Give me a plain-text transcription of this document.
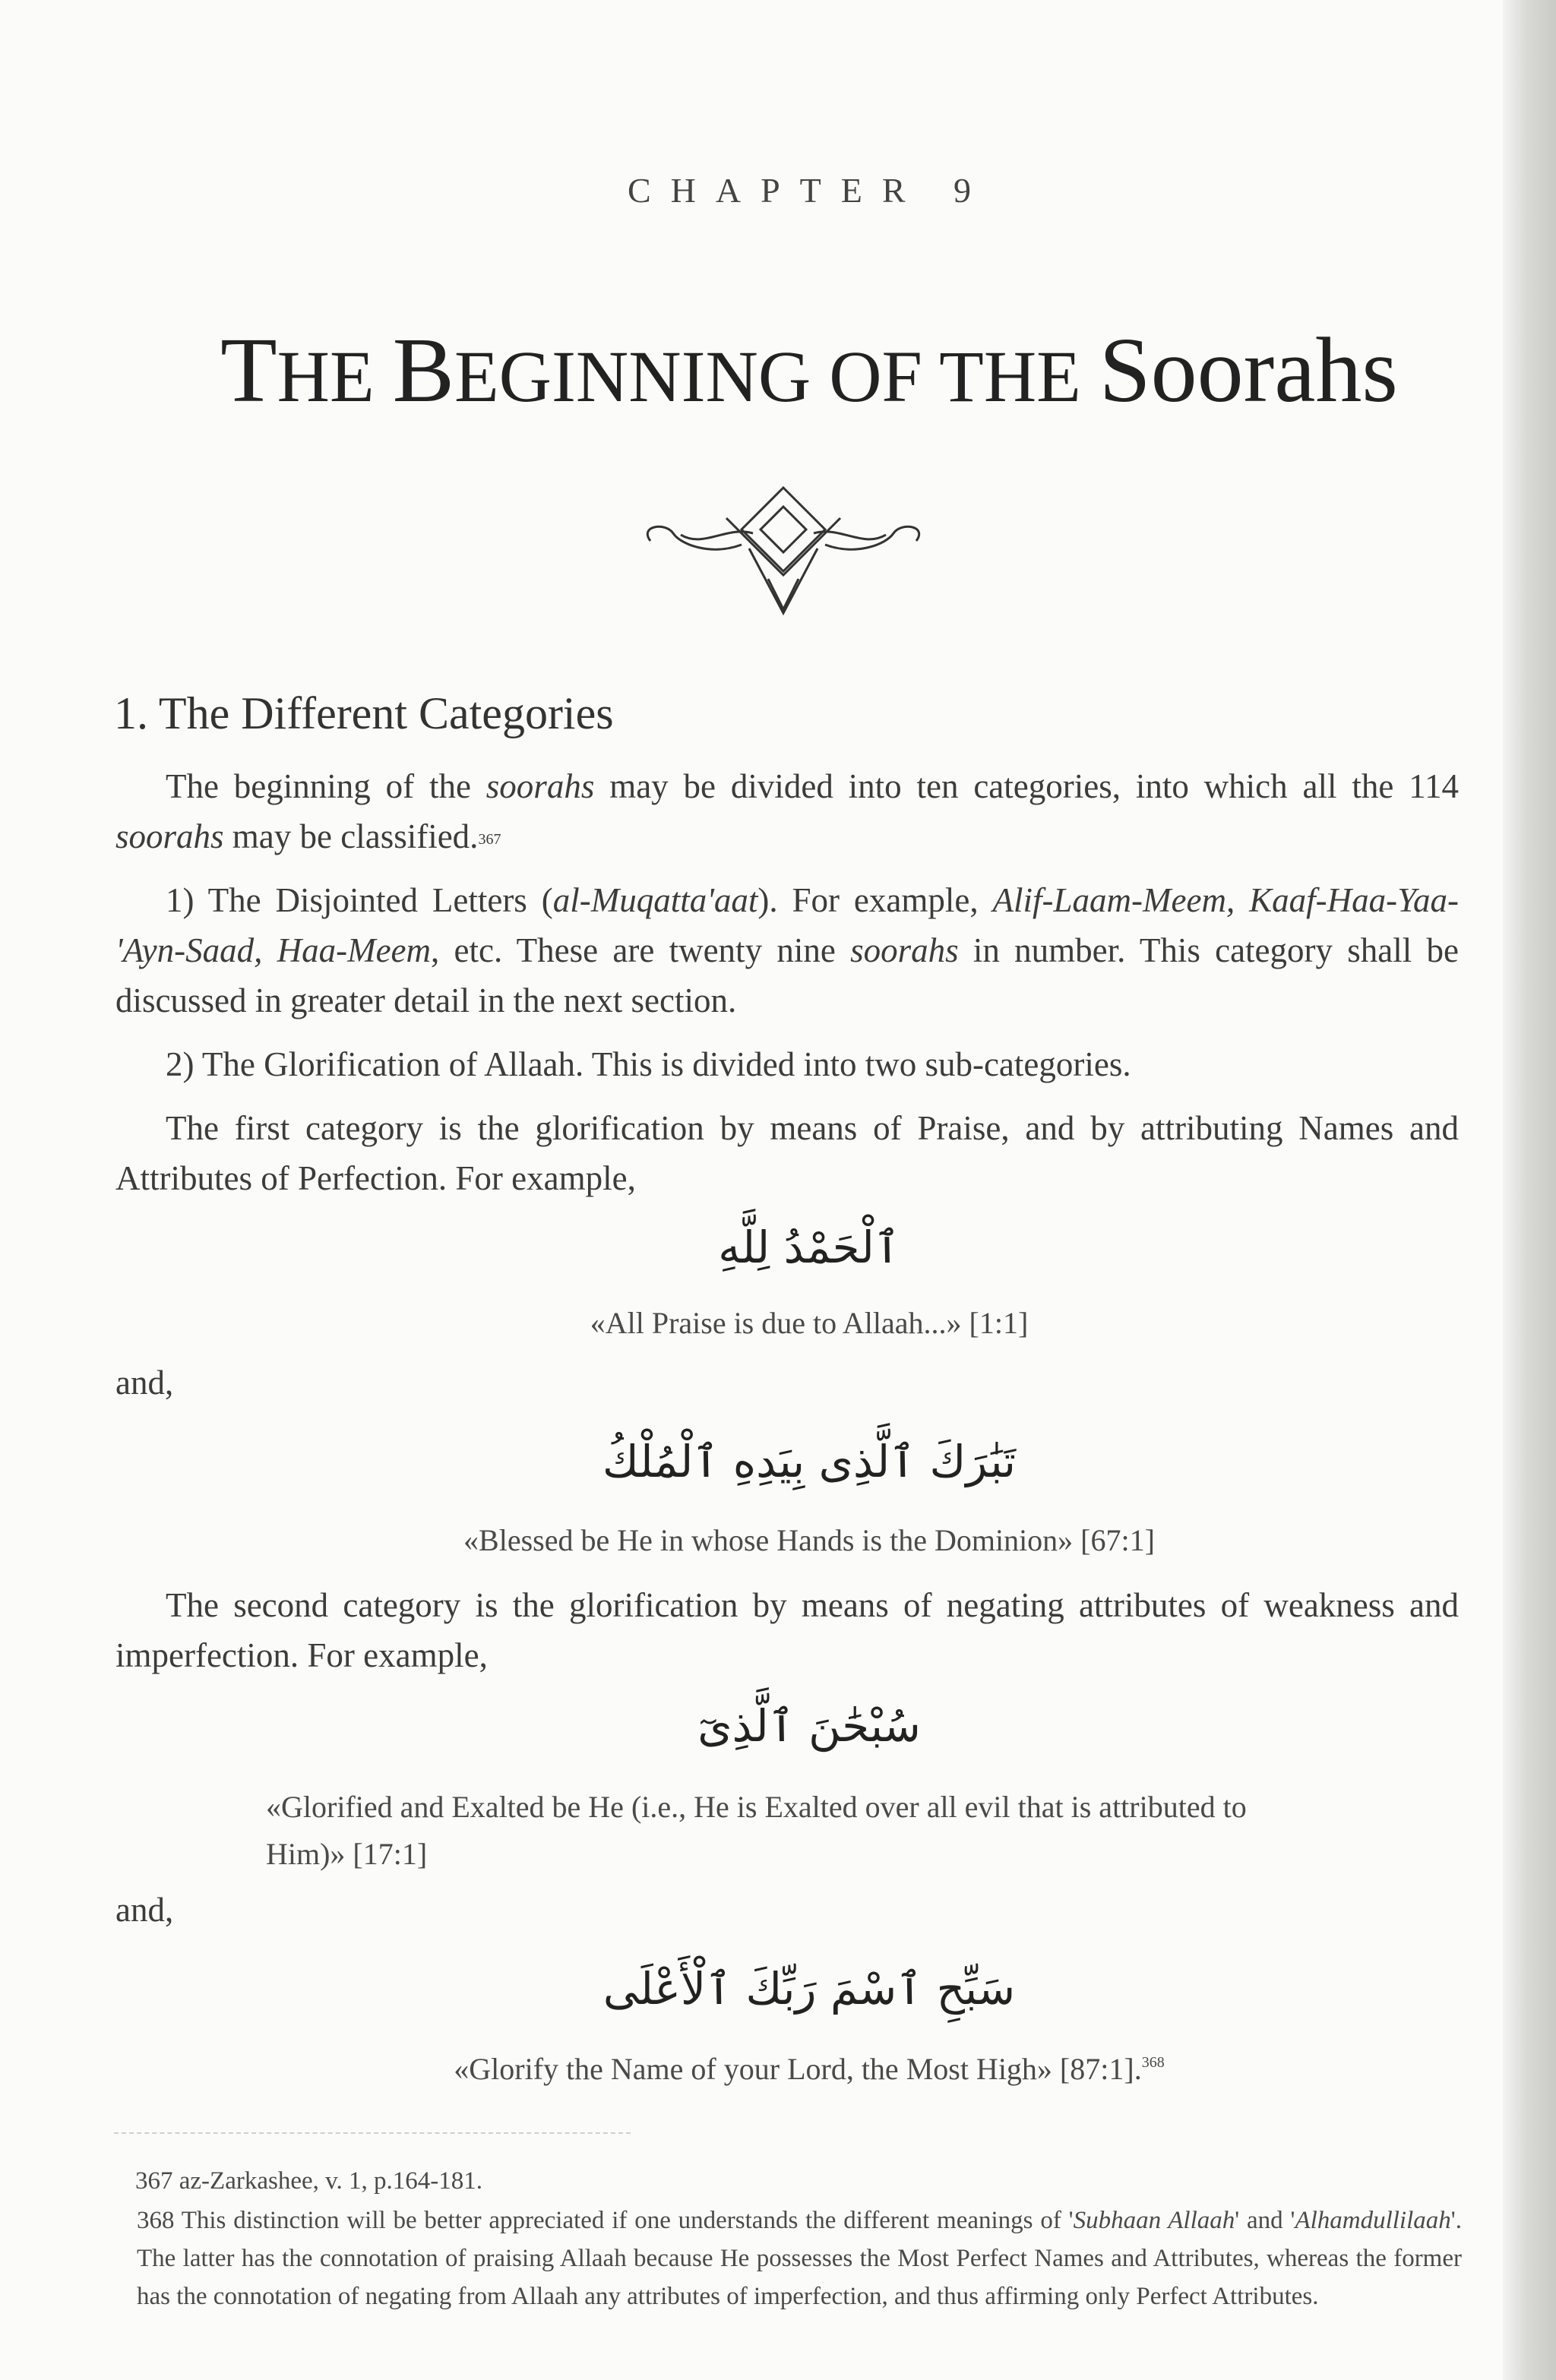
CHAPTER 9
THE BEGINNING OF THE Soorahs
1. The Different Categories

The beginning of the soorahs may be divided into ten categories, into which all the 114 soorahs may be classified.$^{367}$

1) The Disjointed Letters (al-Muqatta'aat). For example, Alif-Laam-Meem, Kaaf-Haa-Yaa-'Ayn-Saad, Haa-Meem, etc. These are twenty nine soorahs in number. This category shall be discussed in greater detail in the next section.

2) The Glorification of Allaah. This is divided into two sub-categories.

The first category is the glorification by means of Praise, and by attributing Names and Attributes of Perfection. For example,

ٱلْحَمْدُ لِلَّهِ
«All Praise is due to Allaah...» [1:1]
and,
تَبَٰرَكَ ٱلَّذِى بِيَدِهِ ٱلْمُلْكُ
«Blessed be He in whose Hands is the Dominion» [67:1]

The second category is the glorification by means of negating attributes of weakness and imperfection. For example,

سُبْحَٰنَ ٱلَّذِىٓ

«Glorified and Exalted be He (i.e., He is Exalted over all evil that is attributed to Him)» [17:1]

and,
سَبِّحِ ٱسْمَ رَبِّكَ ٱلْأَعْلَى
«Glorify the Name of your Lord, the Most High» [87:1].$^{368}$

367 az-Zarkashee, v. 1, p.164-181.

368 This distinction will be better appreciated if one understands the different meanings of 'Subhaan Allaah' and 'Alhamdullilaah'. The latter has the connotation of praising Allaah because He possesses the Most Perfect Names and Attributes, whereas the former has the connotation of negating from Allaah any attributes of imperfection, and thus affirming only Perfect Attributes.
